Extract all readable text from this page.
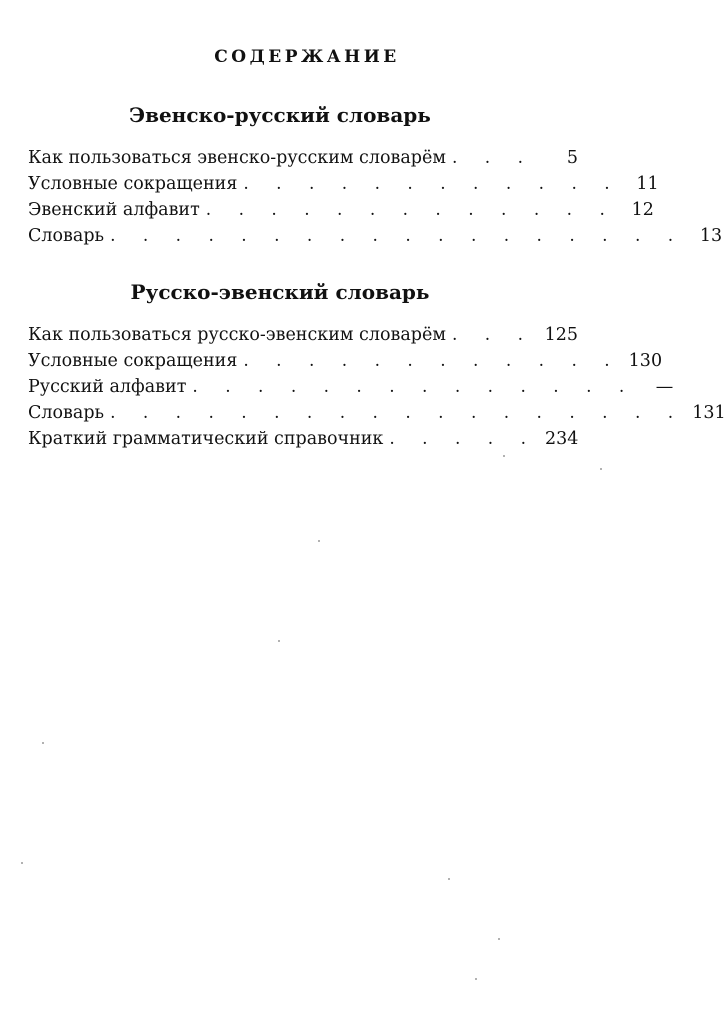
СОДЕРЖАНИЕ
Эвенско-русский словарь
Как пользоваться эвенско-русским словарём . . .	5
Условные сокращения . . . . . . . . . . . . 11
Эвенский алфавит . . . . . . . . . . . . . 12
Словарь . . . . . . . . . . . . . . . . . . 13
Русско-эвенский словарь
Как пользоваться русско-эвенским словарём . . . 125
Условные сокращения . . . . . . . . . . . . 130
Русский алфавит . . . . . . . . . . . . . .	—
Словарь . . . . . . . . . . . . . . . . . . 131
Краткий грамматический справочник . . . . . 234
